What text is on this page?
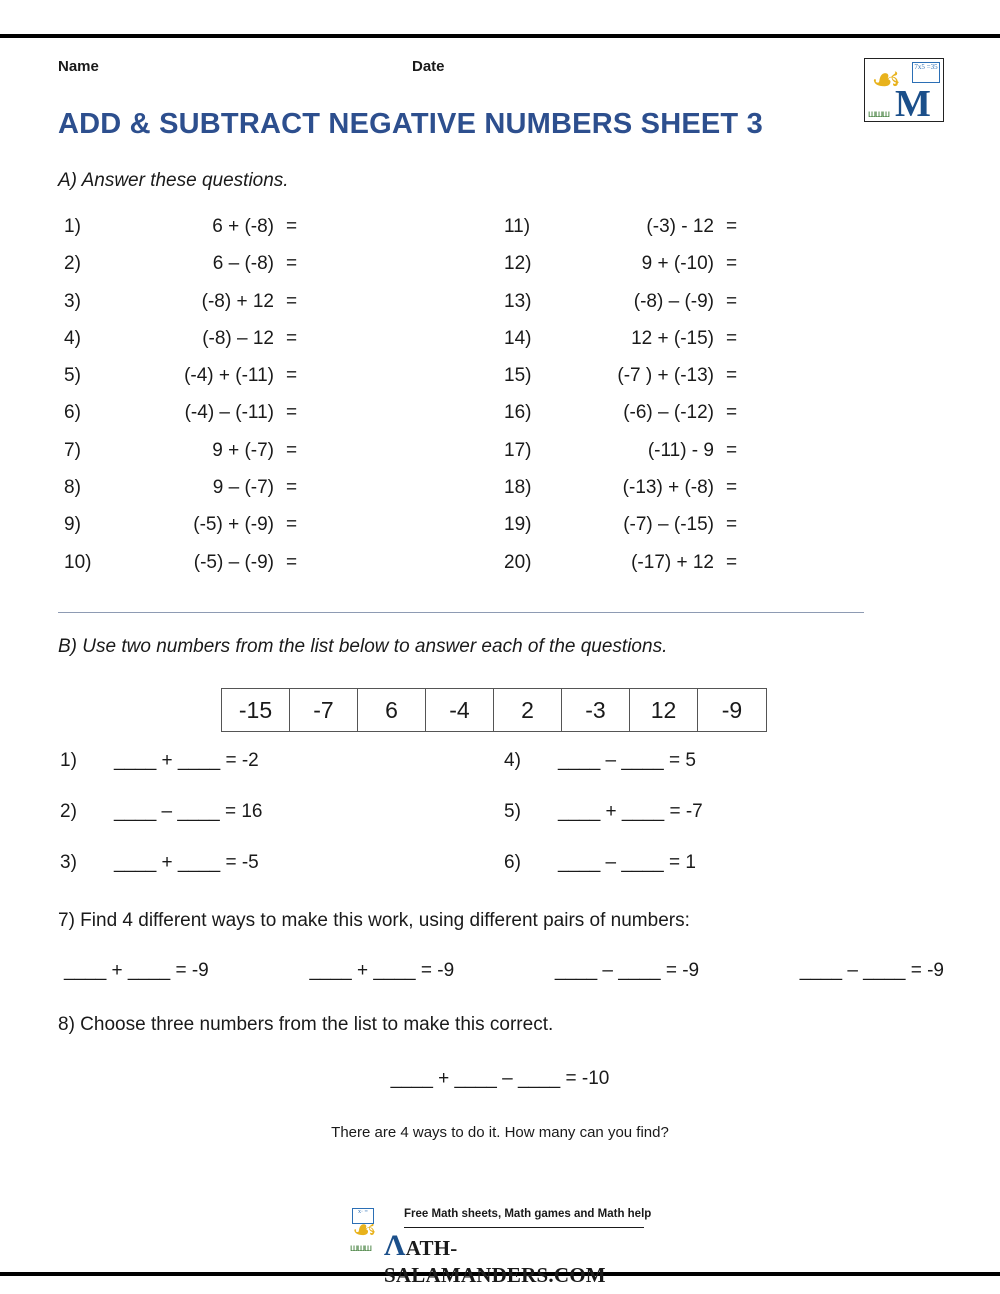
Name	Date	☙
M
7x5 =35
шшш
ADD & SUBTRACT NEGATIVE NUMBERS SHEET 3
A) Answer these questions.
1)	6 + (-8) =
2)	6 – (-8) =
3)	(-8) + 12 =
4)	(-8) – 12 =
5)	(-4) + (-11) =
6)	(-4) – (-11) =
7)	9 + (-7) =
8)	9 – (-7) =
9)	(-5) + (-9) =
10)	(-5) – (-9) =
11)	(-3) - 12 =
12)	9 + (-10) =
13)	(-8) – (-9) =
14)	12 + (-15) =
15)	(-7 ) + (-13) =
16)	(-6) – (-12) =
17)	(-11) - 9 =
18)	(-13) + (-8) =
19)	(-7) – (-15) =
20)	(-17) + 12 =
B) Use two numbers from the list below to answer each of the questions.
-15	-7	6	-4	2	-3	12	-9
1) ____ + ____ = -2
2) ____ – ____ = 16
3) ____ + ____ = -5
4) ____ – ____ = 5
5) ____ + ____ = -7
6) ____ – ____ = 1
7) Find 4 different ways to make this work, using different pairs of numbers:
____ + ____ = -9	____ + ____ = -9	____ – ____ = -9	____ – ____ = -9
8) Choose three numbers from the list to make this correct.
____ + ____ – ____ = -10
There are 4 ways to do it. How many can you find?
☙
x· =
шшш
Free Math sheets, Math games and Math help
ΛATH-SALAMANDERS.COM
